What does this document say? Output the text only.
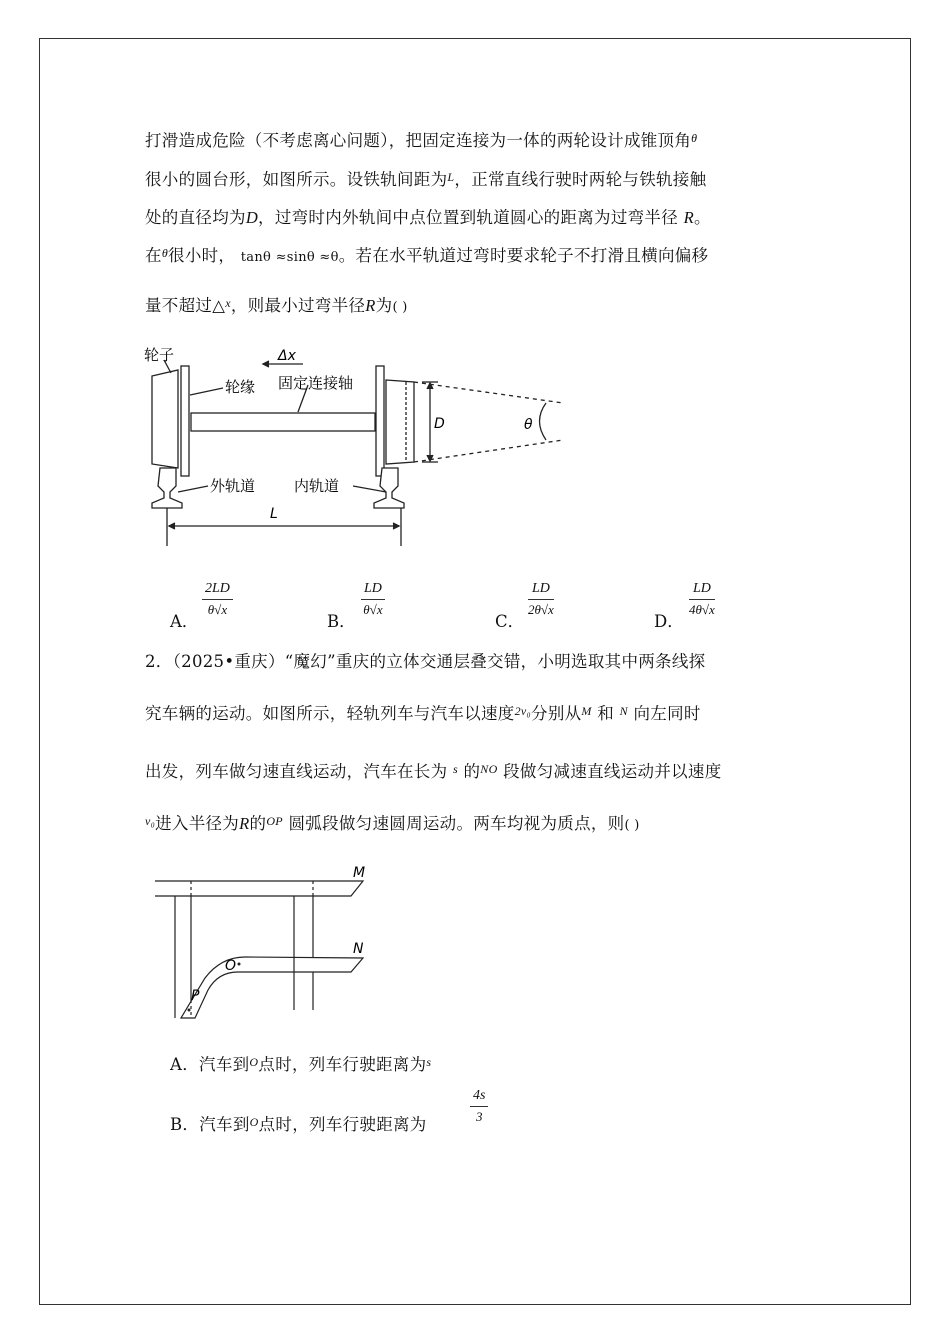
打滑造成危险（不考虑离心问题），把固定连接为一体的两轮设计成锥顶角$^\theta$
很小的圆台形，如图所示。设铁轨间距为$^L$，正常直线行驶时两轮与铁轨接触
处的直径均为D，过弯时内外轨间中点位置到轨道圆心的距离为过弯半径 R。
在$^\theta$很小时， tanθ ≈sinθ ≈θ。若在水平轨道过弯时要求轮子不打滑且横向偏移
量不超过△$^x$，则最小过弯半径R为( )
轮子
轮缘 固定连接轴
Δx
D	θ
外轨道	内轨道
L
A．
2LD
θ√x
B．
LD
θ√x
C．
LD
2θ√x
D．
LD
4θ√x
2．（2025•重庆）“魔幻”重庆的立体交通层叠交错，小明选取其中两条线探
究车辆的运动。如图所示，轻轨列车与汽车以速度$^{2v_0}$分别从$^M$ 和 $^N$ 向左同时
出发，列车做匀速直线运动，汽车在长为 $^s$ 的$^{NO}$ 段做匀减速直线运动并以速度
$^{v_0}$进入半径为R的$^{OP}$ 圆弧段做匀速圆周运动。两车均视为质点，则( )
M
N
O
P
A．汽车到$^O$点时，列车行驶距离为$^s$
B．汽车到$^O$点时，列车行驶距离为
4s
3
